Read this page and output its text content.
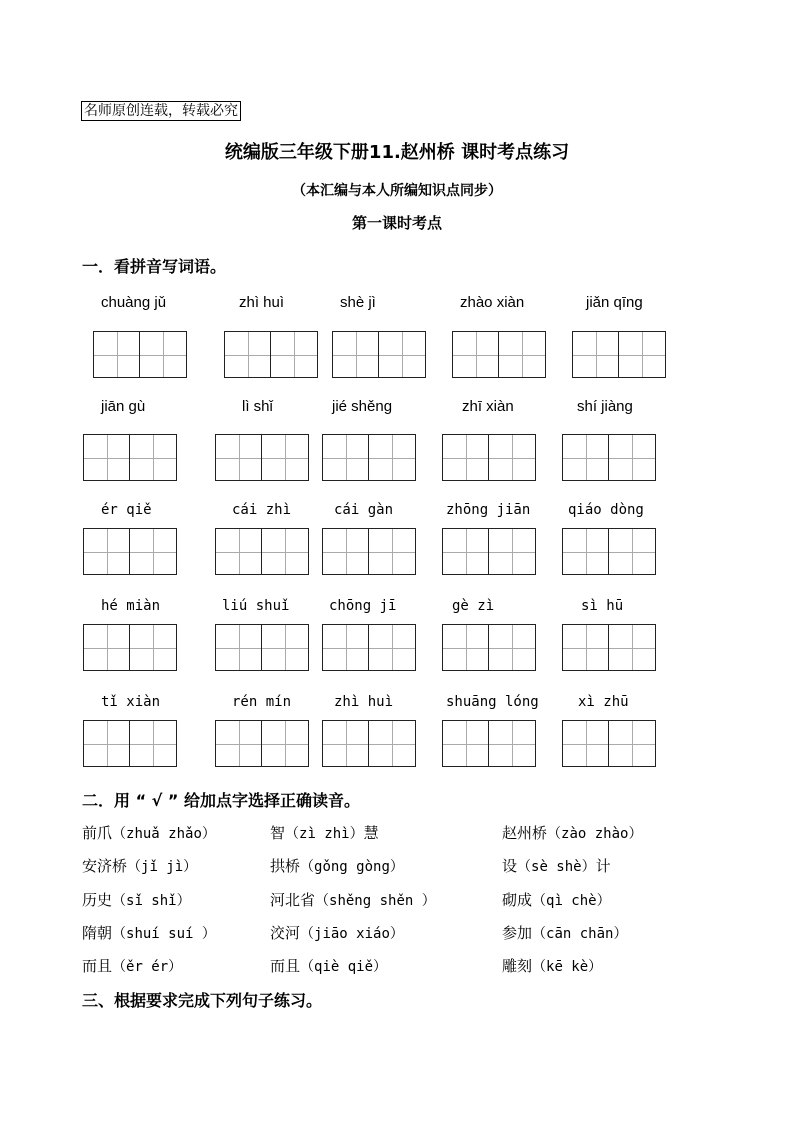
名师原创连载，转载必究
统编版三年级下册11.赵州桥 课时考点练习
（本汇编与本人所编知识点同步）
第一课时考点
一．看拼音写词语。
chuàng jǔ	zhì huì	shè jì	zhào xiàn	jiǎn qīng
jiān gù	lì shǐ	jié shěng	zhī xiàn	shí jiàng
ér qiě	cái zhì	cái gàn	zhōng jiān	qiáo dòng
hé miàn	liú shuǐ	chōng jī	gè zì	sì hū
tǐ xiàn	rén mín	zhì huì	shuāng lóng	xì zhū
二．用 “ √ ” 给加点字选择正确读音。
前爪（zhuǎ zhǎo）	智（zì zhì）慧	赵州桥（zào zhào）
安济桥（jǐ jì）	拱桥（gǒng gòng）	设（sè shè）计
历史（sǐ shǐ）	河北省（shěng shěn ）	砌成（qì chè）
隋朝（shuí suí ）	洨河（jiāo xiáo）	参加（cān chān）
而且（ěr ér）	而且（qiè qiě）	雕刻（kē kè）
三、根据要求完成下列句子练习。
